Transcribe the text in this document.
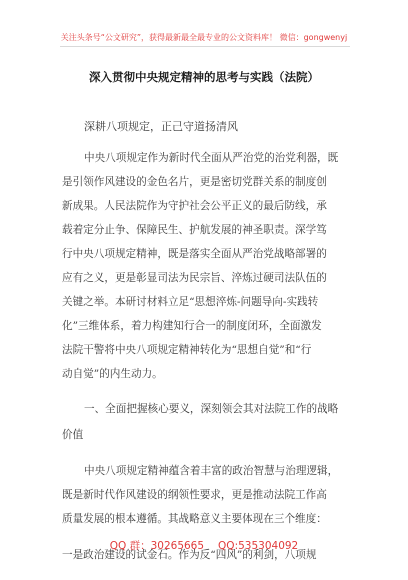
关注头条号“公文研究”，获得最新最全最专业的公文资料库！ 微信：gongwenyj
深入贯彻中央规定精神的思考与实践（法院）
深耕八项规定，正己守道扬清风
中央八项规定作为新时代全面从严治党的治党利器，既
是引领作风建设的金色名片，更是密切党群关系的制度创
新成果。人民法院作为守护社会公平正义的最后防线，承
载着定分止争、保障民生、护航发展的神圣职责。深学笃
行中央八项规定精神，既是落实全面从严治党战略部署的
应有之义，更是彰显司法为民宗旨、淬炼过硬司法队伍的
关键之举。本研讨材料立足“思想淬炼-问题导向-实践转
化”三维体系，着力构建知行合一的制度闭环，全面激发
法院干警将中央八项规定精神转化为“思想自觉”和“行
动自觉”的内生动力。
一、全面把握核心要义，深刻领会其对法院工作的战略
价值
中央八项规定精神蕴含着丰富的政治智慧与治理逻辑，
既是新时代作风建设的纲领性要求，更是推动法院工作高
质量发展的根本遵循。其战略意义主要体现在三个维度：
一是政治建设的试金石。作为反“四风”的利剑，八项规
QQ 群：30265665 QQ:535304092
